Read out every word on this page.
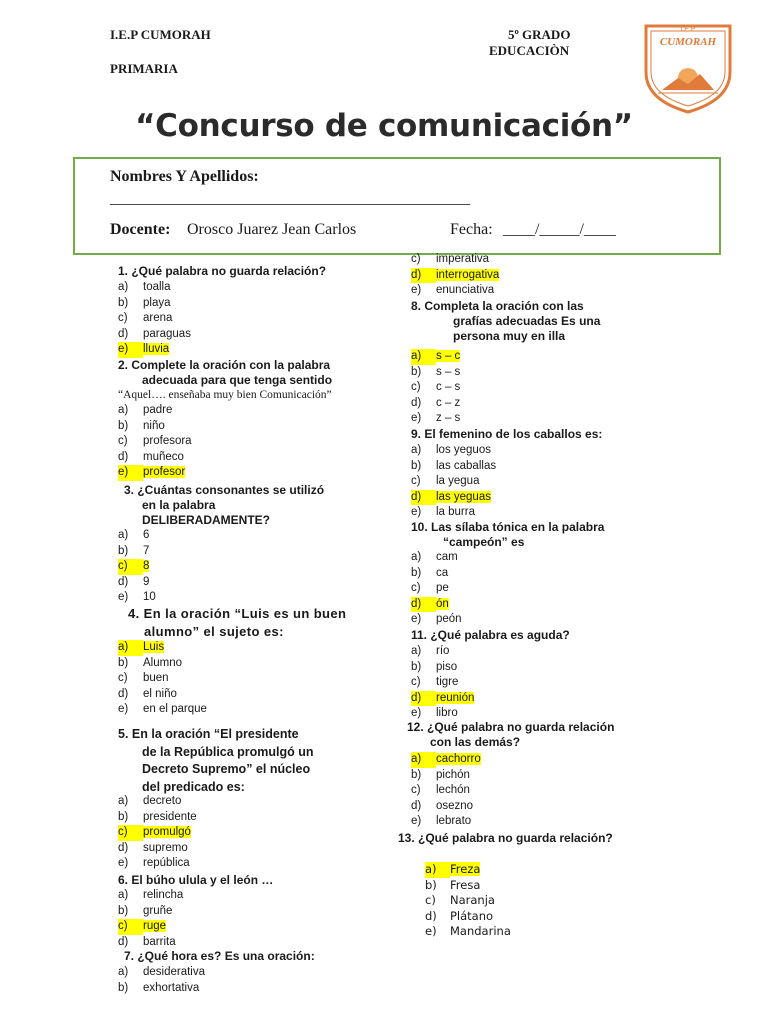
I.E.P CUMORAH
PRIMARIA
5º GRADO
EDUCACIÒN
I.E.P
CUMORAH
“Concurso de comunicación”
Nombres Y Apellidos:
_____________________________________________
Docente: Orosco Juarez Jean Carlos	Fecha: ____/_____/____
1. ¿Qué palabra no guarda relación?
a) toalla
b) playa
c) arena
d) paraguas
e) lluvia
2. Complete la oración con la palabra
adecuada para que tenga sentido
“Aquel…. enseñaba muy bien Comunicación”
a) padre
b) niño
c) profesora
d) muñeco
e) profesor
3. ¿Cuántas consonantes se utilizó
en la palabra
DELIBERADAMENTE?
a) 6
b) 7
c) 8
d) 9
e) 10
4. En la oración “Luis es un buen
alumno” el sujeto es:
a) Luis
b) Alumno
c) buen
d) el niño
e) en el parque
5. En la oración “El presidente
de la República promulgó un
Decreto Supremo” el núcleo
del predicado es:
a) decreto
b) presidente
c) promulgó
d) supremo
e) república
6. El búho ulula y el león …
a) relincha
b) gruñe
c) ruge
d) barrita
7. ¿Qué hora es? Es una oración:
a) desiderativa
b) exhortativa
c) imperativa
d) interrogativa
e) enunciativa
8. Completa la oración con las
grafías adecuadas Es una
persona muy en illa
a) s – c
b) s – s
c) c – s
d) c – z
e) z – s
9. El femenino de los caballos es:
a) los yeguos
b) las caballas
c) la yegua
d) las yeguas
e) la burra
10. Las sílaba tónica en la palabra
“campeón” es
a) cam
b) ca
c) pe
d) ón
e) peón
11. ¿Qué palabra es aguda?
a) río
b) piso
c) tigre
d) reunión
e) libro
12. ¿Qué palabra no guarda relación
con las demás?
a) cachorro
b) pichón
c) lechón
d) osezno
e) lebrato
13. ¿Qué palabra no guarda relación?
a) Freza
b) Fresa
c) Naranja
d) Plátano
e) Mandarina
